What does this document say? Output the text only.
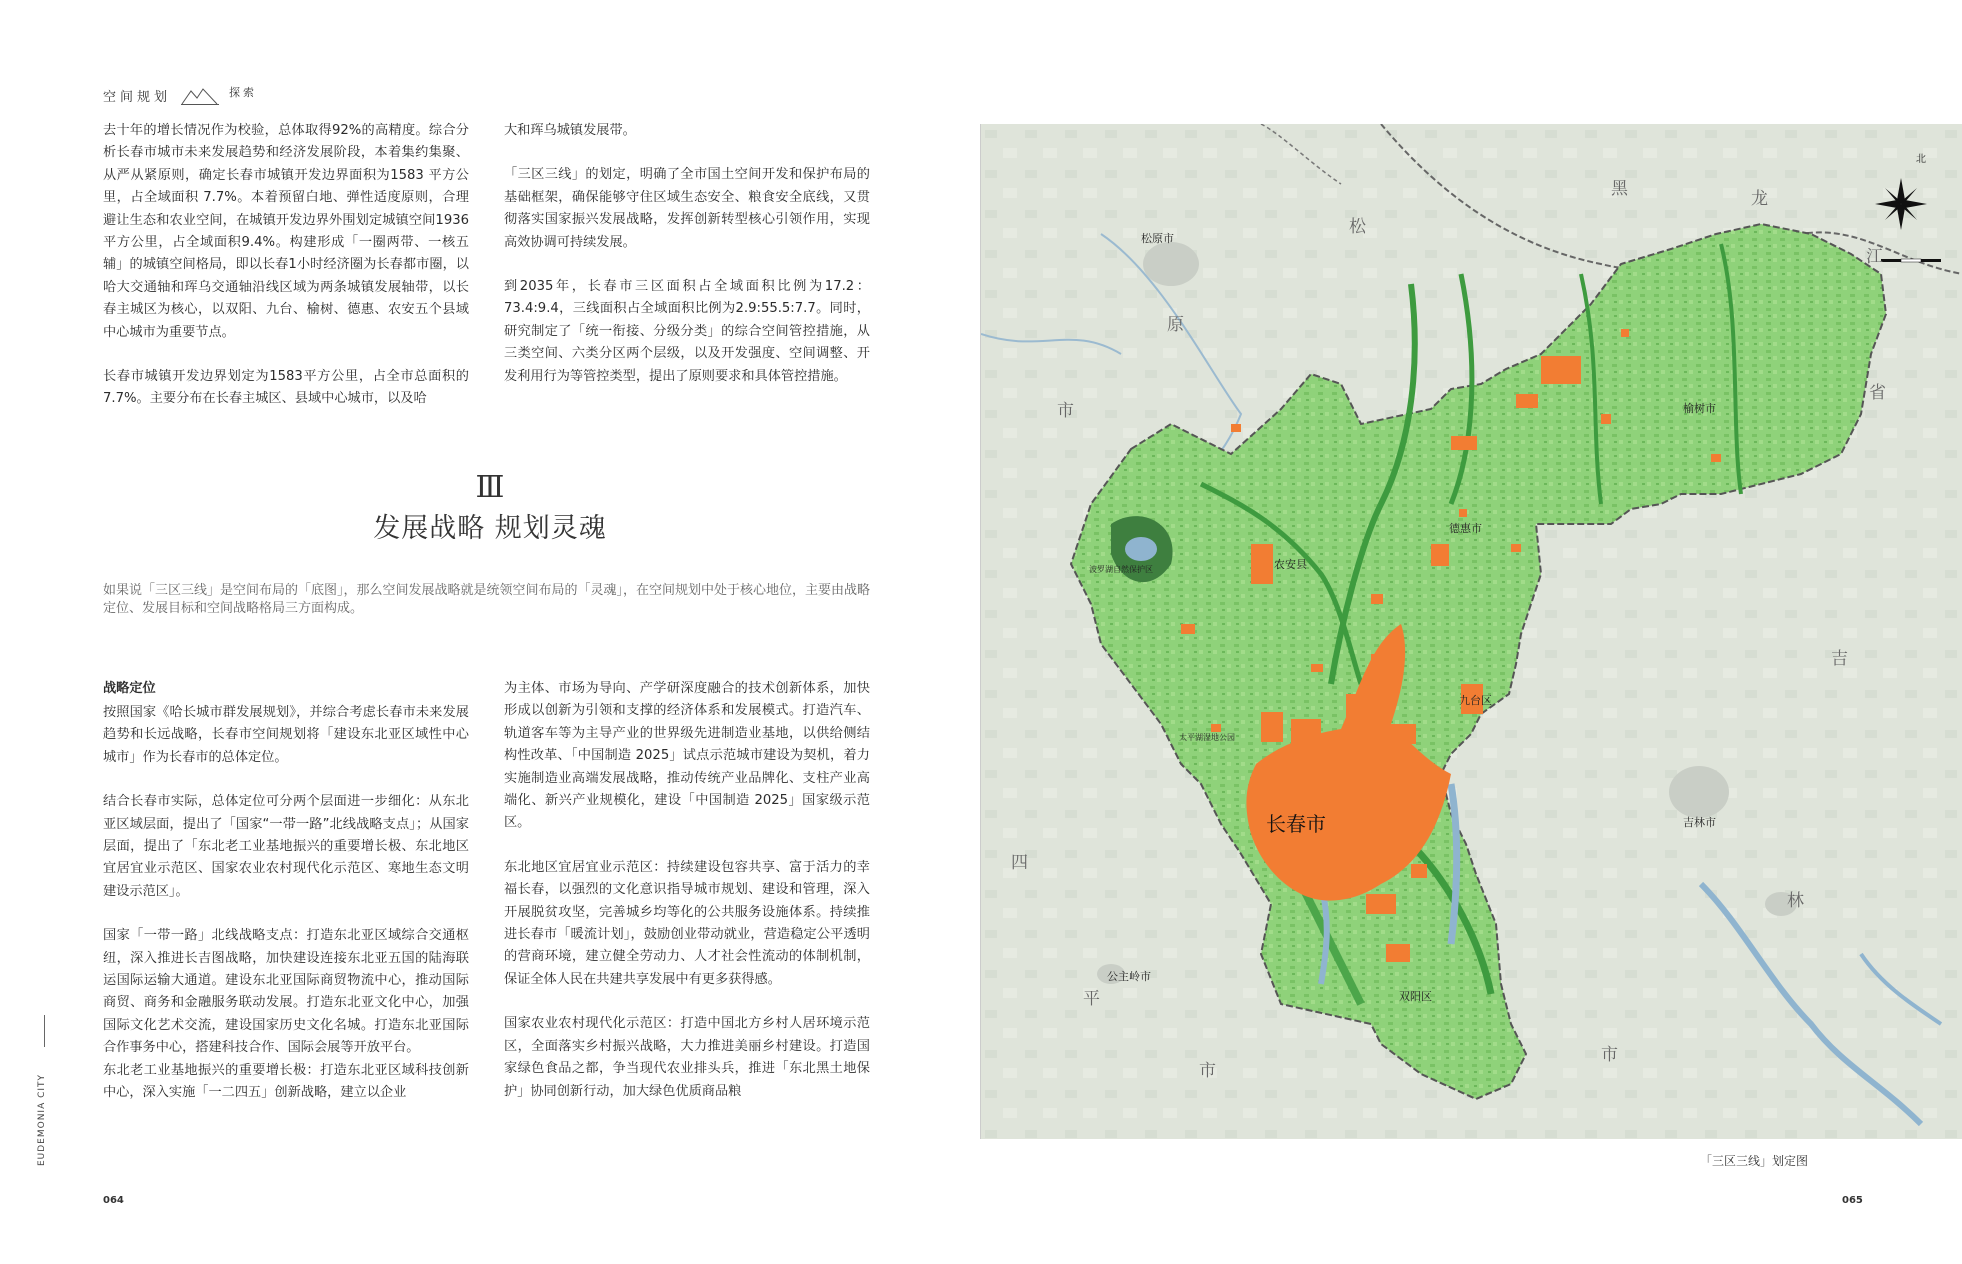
空间规划	探索

去十年的增长情况作为校验，总体取得92%的高精度。综合分析长春市城市未来发展趋势和经济发展阶段，本着集约集聚、从严从紧原则，确定长春市城镇开发边界面积为1583 平方公里，占全域面积 7.7%。本着预留白地、弹性适度原则，合理避让生态和农业空间，在城镇开发边界外围划定城镇空间1936平方公里，占全域面积9.4%。构建形成「一圈两带、一核五辅」的城镇空间格局，即以长春1小时经济圈为长春都市圈，以哈大交通轴和珲乌交通轴沿线区域为两条城镇发展轴带，以长春主城区为核心，以双阳、九台、榆树、德惠、农安五个县域中心城市为重要节点。

长春市城镇开发边界划定为1583平方公里，占全市总面积的7.7%。主要分布在长春主城区、县域中心城市，以及哈

大和珲乌城镇发展带。

「三区三线」的划定，明确了全市国土空间开发和保护布局的基础框架，确保能够守住区域生态安全、粮食安全底线，又贯彻落实国家振兴发展战略，发挥创新转型核心引领作用，实现高效协调可持续发展。

到2035年，长春市三区面积占全域面积比例为17.2：73.4:9.4，三线面积占全域面积比例为2.9:55.5:7.7。同时，研究制定了「统一衔接、分级分类」的综合空间管控措施，从三类空间、六类分区两个层级，以及开发强度、空间调整、开发利用行为等管控类型，提出了原则要求和具体管控措施。

Ⅲ
发展战略 规划灵魂
如果说「三区三线」是空间布局的「底图」，那么空间发展战略就是统领空间布局的「灵魂」，在空间规划中处于核心地位，主要由战略定位、发展目标和空间战略格局三方面构成。
战略定位

按照国家《哈长城市群发展规划》，并综合考虑长春市未来发展趋势和长远战略，长春市空间规划将「建设东北亚区域性中心城市」作为长春市的总体定位。

结合长春市实际，总体定位可分两个层面进一步细化：从东北亚区域层面，提出了「国家“一带一路”北线战略支点」；从国家层面，提出了「东北老工业基地振兴的重要增长极、东北地区宜居宜业示范区、国家农业农村现代化示范区、寒地生态文明建设示范区」。

国家「一带一路」北线战略支点：打造东北亚区域综合交通枢纽，深入推进长吉图战略，加快建设连接东北亚五国的陆海联运国际运输大通道。建设东北亚国际商贸物流中心，推动国际商贸、商务和金融服务联动发展。打造东北亚文化中心，加强国际文化艺术交流，建设国家历史文化名城。打造东北亚国际合作事务中心，搭建科技合作、国际会展等开放平台。

东北老工业基地振兴的重要增长极：打造东北亚区域科技创新中心，深入实施「一二四五」创新战略，建立以企业

为主体、市场为导向、产学研深度融合的技术创新体系，加快形成以创新为引领和支撑的经济体系和发展模式。打造汽车、轨道客车等为主导产业的世界级先进制造业基地，以供给侧结构性改革、「中国制造 2025」试点示范城市建设为契机，着力实施制造业高端发展战略，推动传统产业品牌化、支柱产业高端化、新兴产业规模化，建设「中国制造 2025」国家级示范区。

东北地区宜居宜业示范区：持续建设包容共享、富于活力的幸福长春，以强烈的文化意识指导城市规划、建设和管理，深入开展脱贫攻坚，完善城乡均等化的公共服务设施体系。持续推进长春市「暖流计划」，鼓励创业带动就业，营造稳定公平透明的营商环境，建立健全劳动力、人才社会性流动的体制机制，保证全体人民在共建共享发展中有更多获得感。

国家农业农村现代化示范区：打造中国北方乡村人居环境示范区，全面落实乡村振兴战略，大力推进美丽乡村建设。打造国家绿色食品之都，争当现代农业排头兵，推进「东北黑土地保护」协同创新行动，加大绿色优质商品粮

EUDEMONIA CITY
064	065
北
长春市
农安县
德惠市
榆树市
九台区
双阳区
松原市
吉林市
公主岭市
波罗湖自然保护区
太平湖湿地公园
松
原
市
黑	龙
江
省
吉
林
市
四
平
市
「三区三线」划定图
